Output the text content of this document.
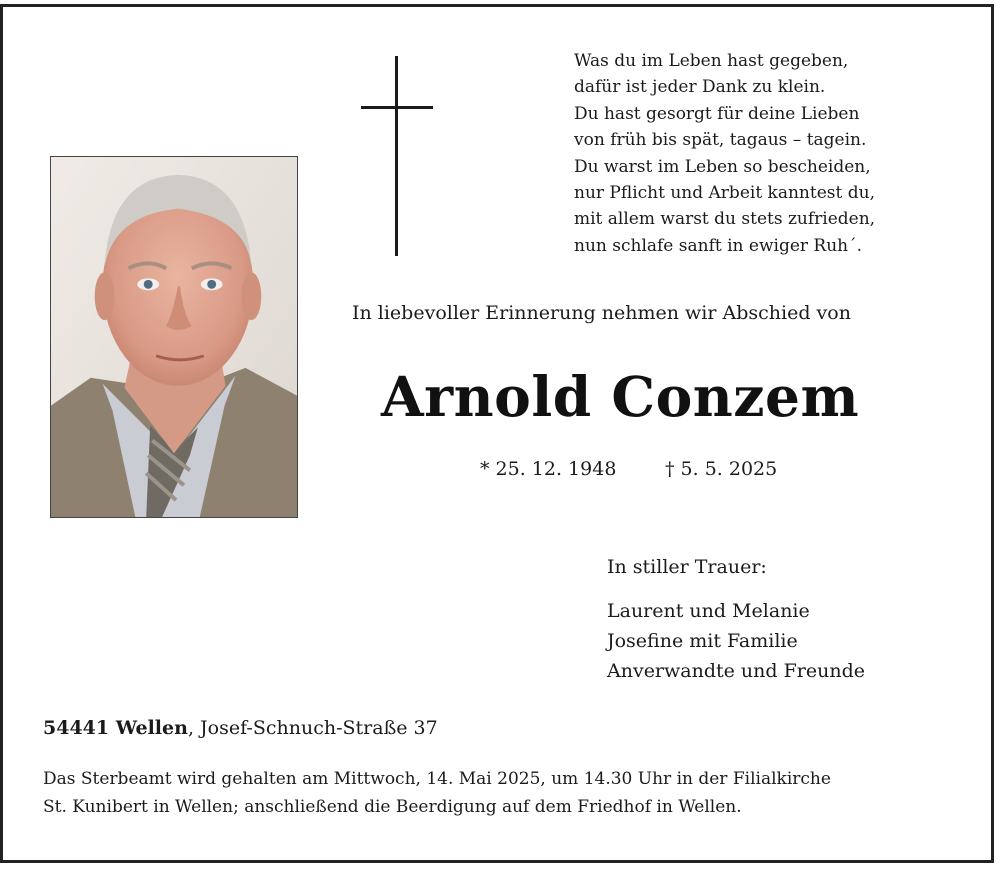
Was du im Leben hast gegeben,
dafür ist jeder Dank zu klein.
Du hast gesorgt für deine Lieben
von früh bis spät, tagaus – tagein.
Du warst im Leben so bescheiden,
nur Pflicht und Arbeit kanntest du,
mit allem warst du stets zufrieden,
nun schlafe sanft in ewiger Ruh´.
In liebevoller Erinnerung nehmen wir Abschied von
Arnold Conzem
* 25. 12. 1948	† 5. 5. 2025
In stiller Trauer:
Laurent und Melanie
Josefine mit Familie
Anverwandte und Freunde
54441 Wellen, Josef-Schnuch-Straße 37
Das Sterbeamt wird gehalten am Mittwoch, 14. Mai 2025, um 14.30 Uhr in der Filialkirche
St. Kunibert in Wellen; anschließend die Beerdigung auf dem Friedhof in Wellen.
